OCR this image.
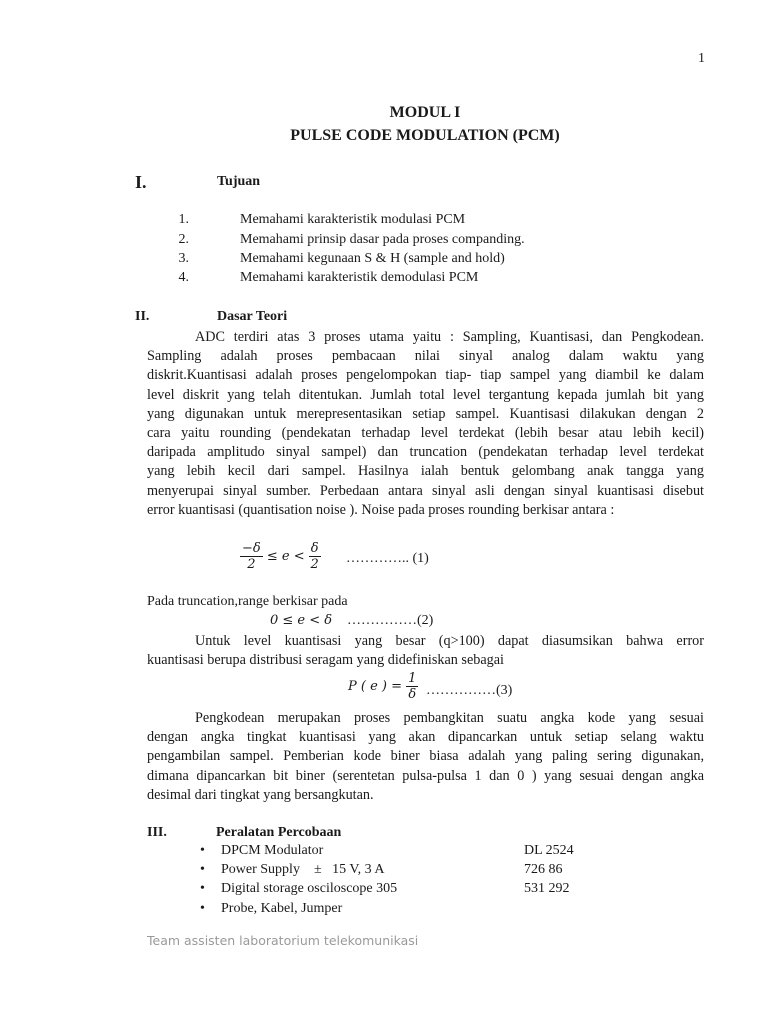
1
MODUL I
PULSE CODE MODULATION (PCM)
I.	Tujuan
1.	Memahami karakteristik modulasi PCM
2.	Memahami prinsip dasar pada proses companding.
3.	Memahami kegunaan S & H (sample and hold)
4.	Memahami karakteristik demodulasi PCM
II.	Dasar Teori
ADC terdiri atas 3 proses utama yaitu : Sampling, Kuantisasi, dan Pengkodean.
Sampling adalah proses pembacaan nilai sinyal analog dalam waktu yang
diskrit.Kuantisasi adalah proses pengelompokan tiap- tiap sampel yang diambil ke dalam
level diskrit yang telah ditentukan. Jumlah total level tergantung kepada jumlah bit yang
yang digunakan untuk merepresentasikan setiap sampel. Kuantisasi dilakukan dengan 2
cara yaitu rounding (pendekatan terhadap level terdekat (lebih besar atau lebih kecil)
daripada amplitudo sinyal sampel) dan truncation (pendekatan terhadap level terdekat
yang lebih kecil dari sampel. Hasilnya ialah bentuk gelombang anak tangga yang
menyerupai sinyal sumber. Perbedaan antara sinyal asli dengan sinyal kuantisasi disebut
error kuantisasi (quantisation noise ). Noise pada proses rounding berkisar antara :
$\frac{-\delta}{2} \le e < \frac{\delta}{2}$ ………….. (1)
Pada truncation,range berkisar pada
0 ≤ e < δ ……………(2)
Untuk level kuantisasi yang besar (q>100) dapat diasumsikan bahwa error
kuantisasi berupa distribusi seragam yang didefiniskan sebagai
P ( e ) = $\frac{1}{\delta}$ ……………(3)
Pengkodean merupakan proses pembangkitan suatu angka kode yang sesuai
dengan angka tingkat kuantisasi yang akan dipancarkan untuk setiap selang waktu
pengambilan sampel. Pemberian kode biner biasa adalah yang paling sering digunakan,
dimana dipancarkan bit biner (serentetan pulsa-pulsa 1 dan 0 ) yang sesuai dengan angka
desimal dari tingkat yang bersangkutan.
III.	Peralatan Percobaan
• DPCM Modulator	DL 2524
• Power Supply    ±   15 V, 3 A	726 86
• Digital storage osciloscope 305	531 292
• Probe, Kabel, Jumper
Team assisten laboratorium telekomunikasi
